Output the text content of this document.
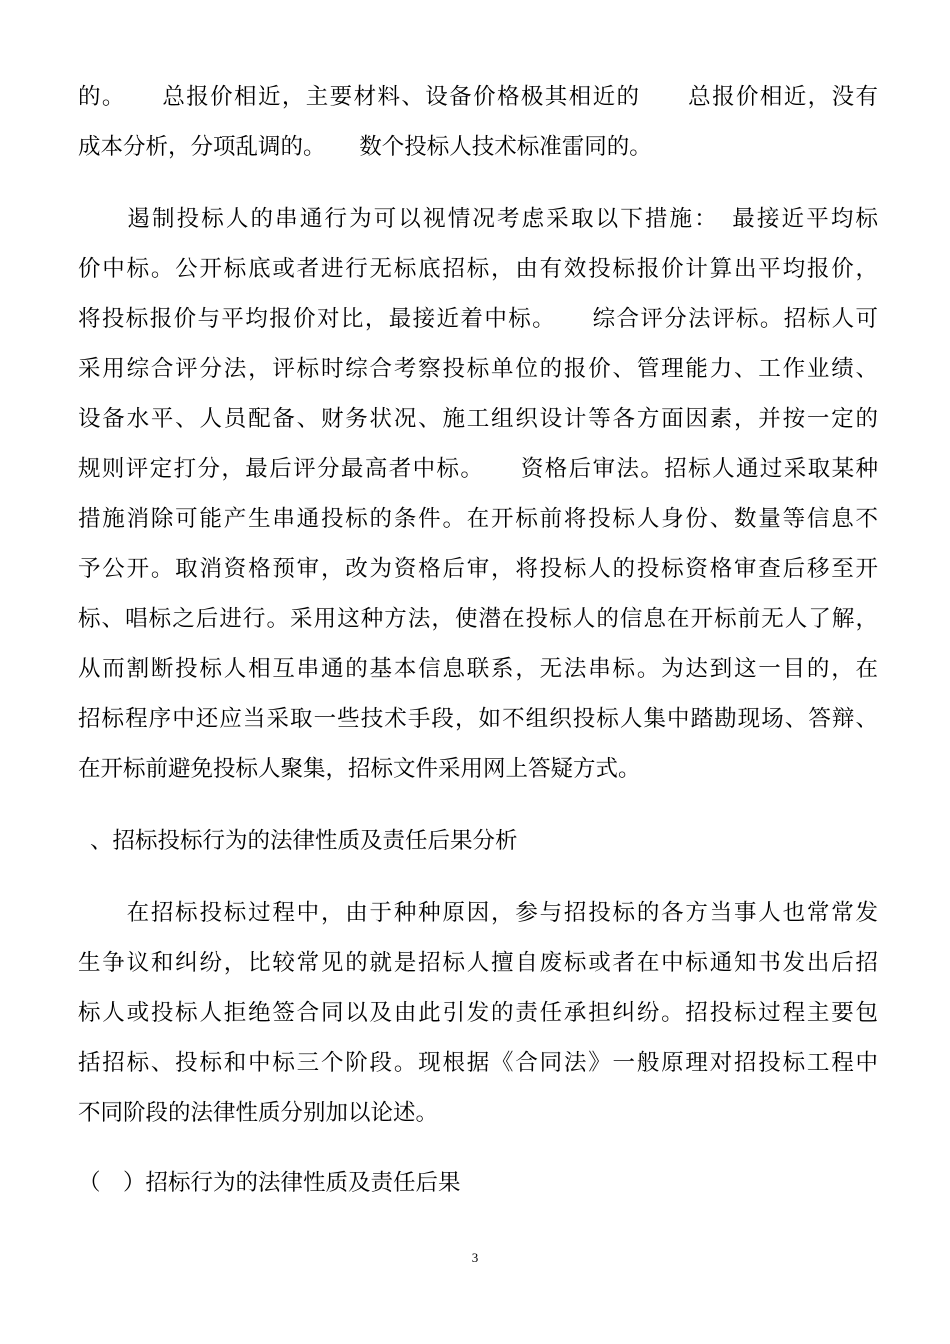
的。　　总报价相近，主要材料、设备价格极其相近的　　总报价相近，没有

成本分析，分项乱调的。　　数个投标人技术标准雷同的。

　　遏制投标人的串通行为可以视情况考虑采取以下措施：　最接近平均标

价中标。公开标底或者进行无标底招标，由有效投标报价计算出平均报价，

将投标报价与平均报价对比，最接近着中标。　　综合评分法评标。招标人可

采用综合评分法，评标时综合考察投标单位的报价、管理能力、工作业绩、

设备水平、人员配备、财务状况、施工组织设计等各方面因素，并按一定的

规则评定打分，最后评分最高者中标。　　资格后审法。招标人通过采取某种

措施消除可能产生串通投标的条件。在开标前将投标人身份、数量等信息不

予公开。取消资格预审，改为资格后审，将投标人的投标资格审查后移至开

标、唱标之后进行。采用这种方法，使潜在投标人的信息在开标前无人了解，

从而割断投标人相互串通的基本信息联系，无法串标。为达到这一目的，在

招标程序中还应当采取一些技术手段，如不组织投标人集中踏勘现场、答辩、

在开标前避免投标人聚集，招标文件采用网上答疑方式。

、招标投标行为的法律性质及责任后果分析

　　在招标投标过程中，由于种种原因，参与招投标的各方当事人也常常发

生争议和纠纷，比较常见的就是招标人擅自废标或者在中标通知书发出后招

标人或投标人拒绝签合同以及由此引发的责任承担纠纷。招投标过程主要包

括招标、投标和中标三个阶段。现根据《合同法》一般原理对招投标工程中

不同阶段的法律性质分别加以论述。

（　）招标行为的法律性质及责任后果

3
